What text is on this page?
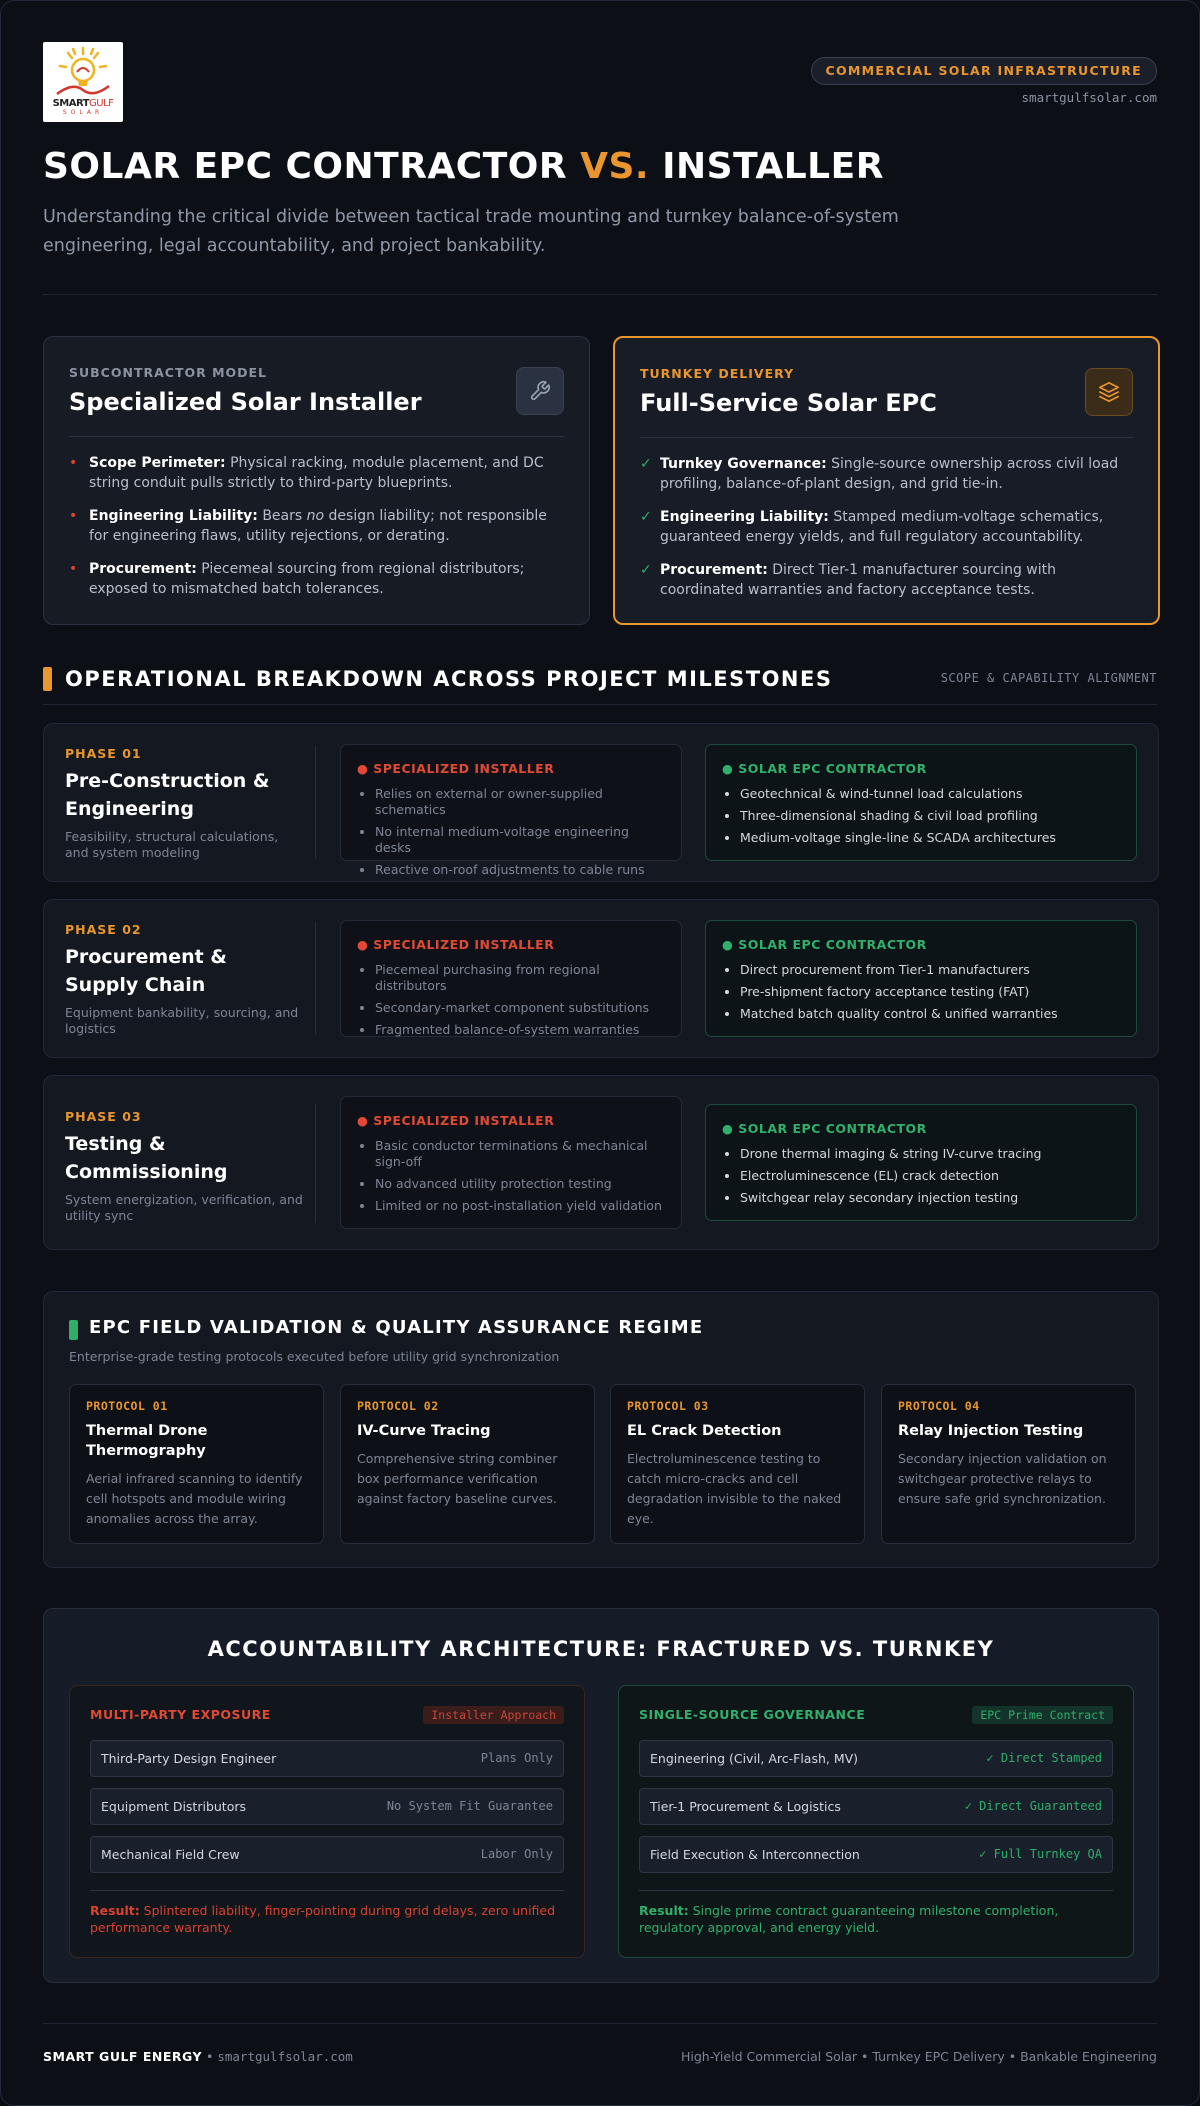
SMARTGULF
SOLAR
COMMERCIAL SOLAR INFRASTRUCTURE
smartgulfsolar.com
SOLAR EPC CONTRACTOR VS. INSTALLER
Understanding the critical divide between tactical trade mounting and turnkey balance-of-system engineering, legal accountability, and project bankability.
SUBCONTRACTOR MODEL
Specialized Solar Installer
• Scope Perimeter: Physical racking, module placement, and DC string conduit pulls strictly to third-party blueprints.
• Engineering Liability: Bears no design liability; not responsible for engineering flaws, utility rejections, or derating.
• Procurement: Piecemeal sourcing from regional distributors; exposed to mismatched batch tolerances.
TURNKEY DELIVERY
Full-Service Solar EPC
✓ Turnkey Governance: Single-source ownership across civil load profiling, balance-of-plant design, and grid tie-in.
✓ Engineering Liability: Stamped medium-voltage schematics, guaranteed energy yields, and full regulatory accountability.
✓ Procurement: Direct Tier-1 manufacturer sourcing with coordinated warranties and factory acceptance tests.
OPERATIONAL BREAKDOWN ACROSS PROJECT MILESTONES	SCOPE & CAPABILITY ALIGNMENT
PHASE 01
Pre-Construction & Engineering
Feasibility, structural calculations, and system modeling
● SPECIALIZED INSTALLER
• Relies on external or owner-supplied schematics
• No internal medium-voltage engineering desks
• Reactive on-roof adjustments to cable runs
● SOLAR EPC CONTRACTOR
• Geotechnical & wind-tunnel load calculations
• Three-dimensional shading & civil load profiling
• Medium-voltage single-line & SCADA architectures
PHASE 02
Procurement & Supply Chain
Equipment bankability, sourcing, and logistics
● SPECIALIZED INSTALLER
• Piecemeal purchasing from regional distributors
• Secondary-market component substitutions
• Fragmented balance-of-system warranties
● SOLAR EPC CONTRACTOR
• Direct procurement from Tier-1 manufacturers
• Pre-shipment factory acceptance testing (FAT)
• Matched batch quality control & unified warranties
PHASE 03
Testing & Commissioning
System energization, verification, and utility sync
● SPECIALIZED INSTALLER
• Basic conductor terminations & mechanical sign-off
• No advanced utility protection testing
• Limited or no post-installation yield validation
● SOLAR EPC CONTRACTOR
• Drone thermal imaging & string IV-curve tracing
• Electroluminescence (EL) crack detection
• Switchgear relay secondary injection testing
EPC FIELD VALIDATION & QUALITY ASSURANCE REGIME
Enterprise-grade testing protocols executed before utility grid synchronization
PROTOCOL 01
Thermal Drone Thermography
Aerial infrared scanning to identify cell hotspots and module wiring anomalies across the array.
PROTOCOL 02
IV-Curve Tracing
Comprehensive string combiner box performance verification against factory baseline curves.
PROTOCOL 03
EL Crack Detection
Electroluminescence testing to catch micro-cracks and cell degradation invisible to the naked eye.
PROTOCOL 04
Relay Injection Testing
Secondary injection validation on switchgear protective relays to ensure safe grid synchronization.
ACCOUNTABILITY ARCHITECTURE: FRACTURED VS. TURNKEY
MULTI-PARTY EXPOSURE	Installer Approach
Third-Party Design Engineer	Plans Only
Equipment Distributors	No System Fit Guarantee
Mechanical Field Crew	Labor Only
Result: Splintered liability, finger-pointing during grid delays, zero unified performance warranty.
SINGLE-SOURCE GOVERNANCE	EPC Prime Contract
Engineering (Civil, Arc-Flash, MV)	✓ Direct Stamped
Tier-1 Procurement & Logistics	✓ Direct Guaranteed
Field Execution & Interconnection	✓ Full Turnkey QA
Result: Single prime contract guaranteeing milestone completion, regulatory approval, and energy yield.
SMART GULF ENERGY • smartgulfsolar.com	High-Yield Commercial Solar • Turnkey EPC Delivery • Bankable Engineering
